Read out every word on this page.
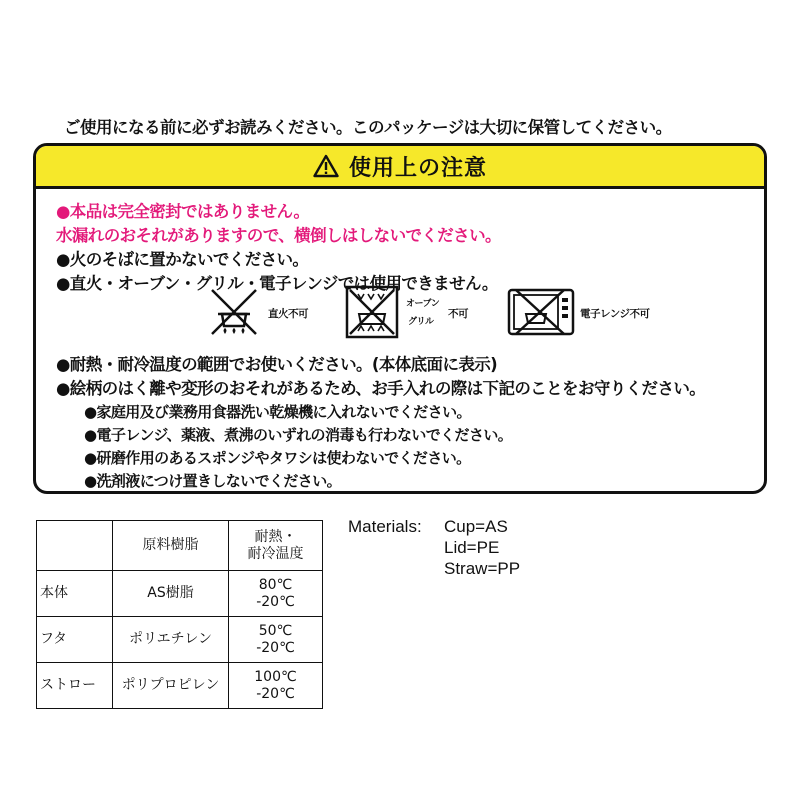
ご使用になる前に必ずお読みください。このパッケージは大切に保管してください。
使用上の注意
●本品は完全密封ではありません。
水漏れのおそれがありますので、横倒しはしないでください。
●火のそばに置かないでください。
●直火・オーブン・グリル・電子レンジでは使用できません。
直火不可
オーブン
グリル
不可	電子レンジ不可
●耐熱・耐冷温度の範囲でお使いください。(本体底面に表示)
●絵柄のはく離や変形のおそれがあるため、お手入れの際は下記のことをお守りください。
●家庭用及び業務用食器洗い乾燥機に入れないでください。
●電子レンジ、薬液、煮沸のいずれの消毒も行わないでください。
●研磨作用のあるスポンジやタワシは使わないでください。
●洗剤液につけ置きしないでください。
	原料樹脂	耐熱・
耐冷温度

本体	AS樹脂	80℃
-20℃

フタ	ポリエチレン	50℃
-20℃

ストロー	ポリプロピレン	100℃
-20℃
Materials: Cup=AS
Lid=PE
Straw=PP
